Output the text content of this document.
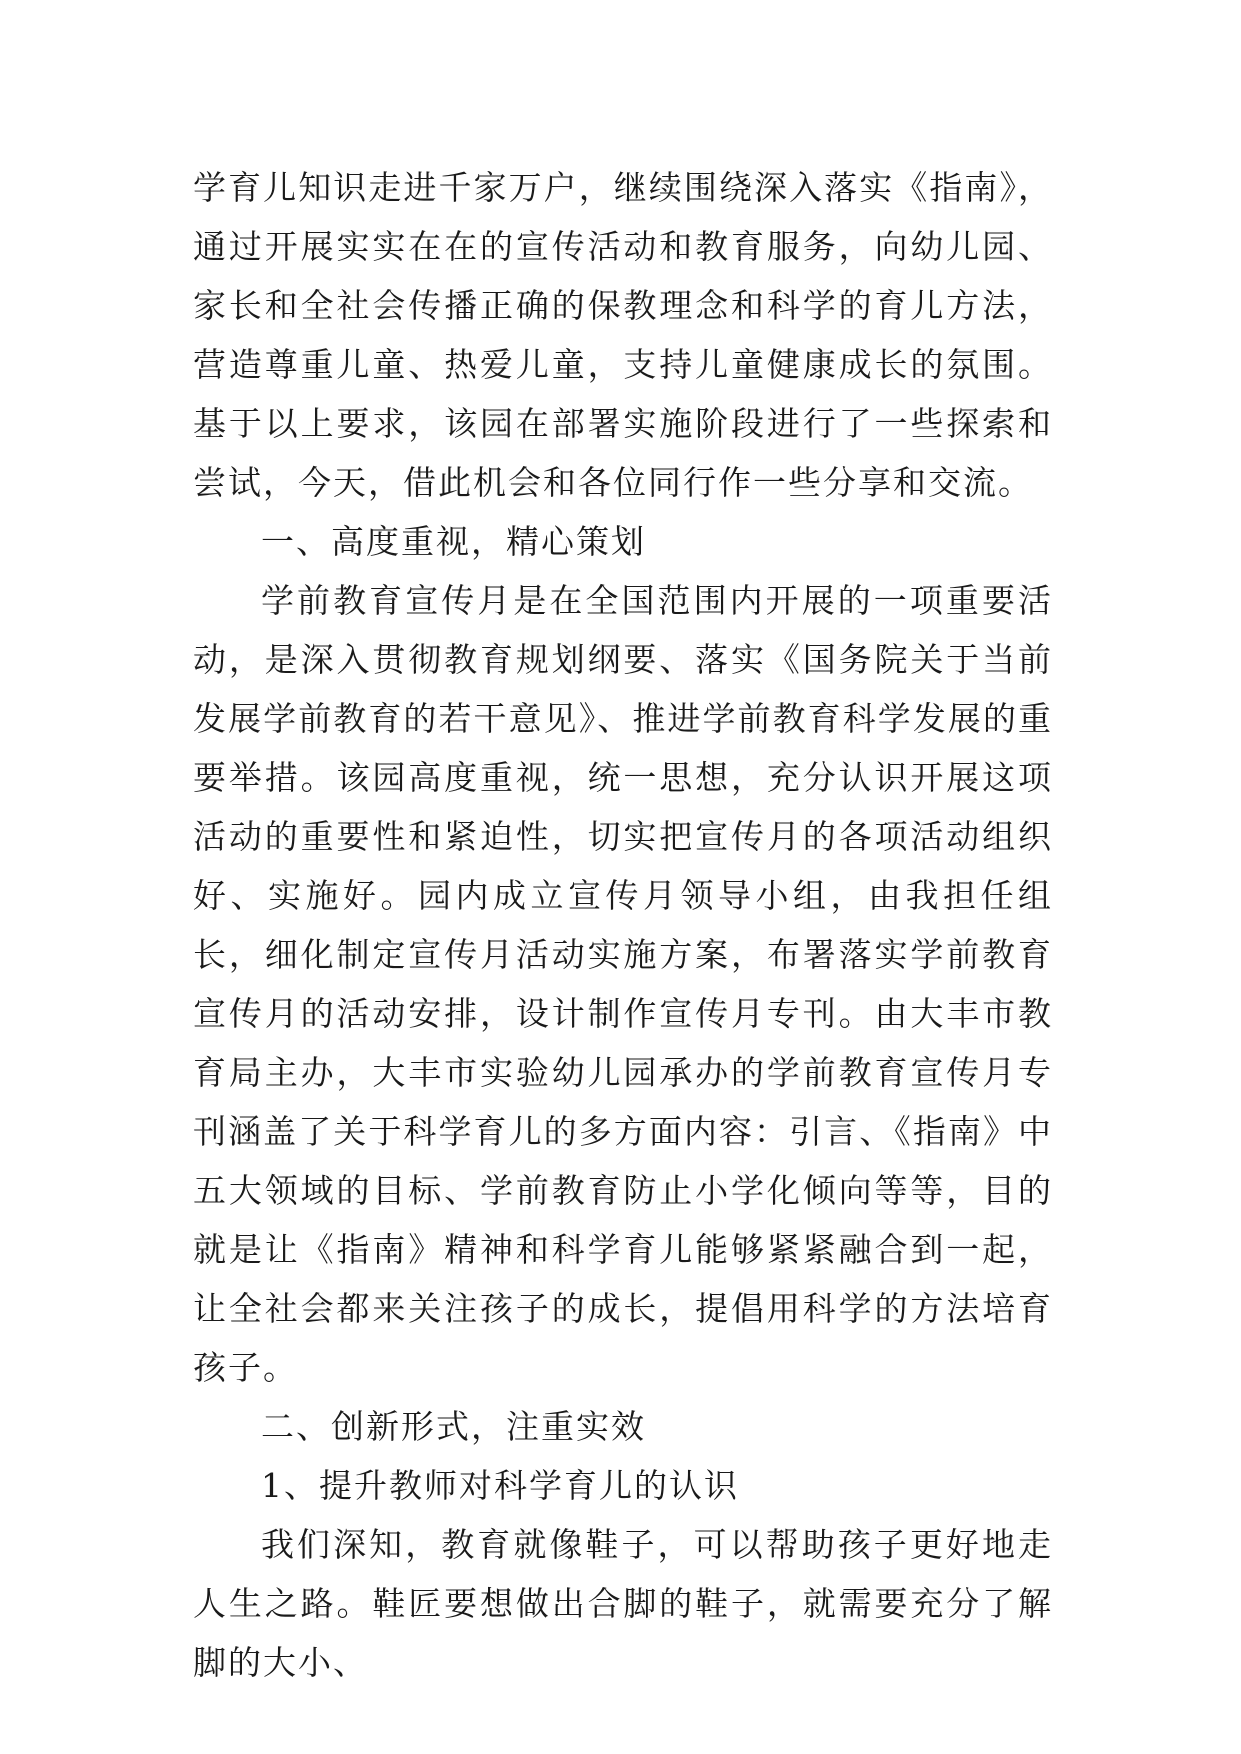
学育儿知识走进千家万户，继续围绕深入落实《指南》，通过开展实实在在的宣传活动和教育服务，向幼儿园、家长和全社会传播正确的保教理念和科学的育儿方法，营造尊重儿童、热爱儿童，支持儿童健康成长的氛围。基于以上要求，该园在部署实施阶段进行了一些探索和尝试，今天，借此机会和各位同行作一些分享和交流。

一、高度重视，精心策划

学前教育宣传月是在全国范围内开展的一项重要活动，是深入贯彻教育规划纲要、落实《国务院关于当前发展学前教育的若干意见》、推进学前教育科学发展的重要举措。该园高度重视，统一思想，充分认识开展这项活动的重要性和紧迫性，切实把宣传月的各项活动组织好、实施好。园内成立宣传月领导小组，由我担任组长，细化制定宣传月活动实施方案，布署落实学前教育宣传月的活动安排，设计制作宣传月专刊。由大丰市教育局主办，大丰市实验幼儿园承办的学前教育宣传月专刊涵盖了关于科学育儿的多方面内容：引言、《指南》中五大领域的目标、学前教育防止小学化倾向等等，目的就是让《指南》精神和科学育儿能够紧紧融合到一起，让全社会都来关注孩子的成长，提倡用科学的方法培育孩子。

二、创新形式，注重实效

1、提升教师对科学育儿的认识

我们深知，教育就像鞋子，可以帮助孩子更好地走人生之路。鞋匠要想做出合脚的鞋子，就需要充分了解脚的大小、
